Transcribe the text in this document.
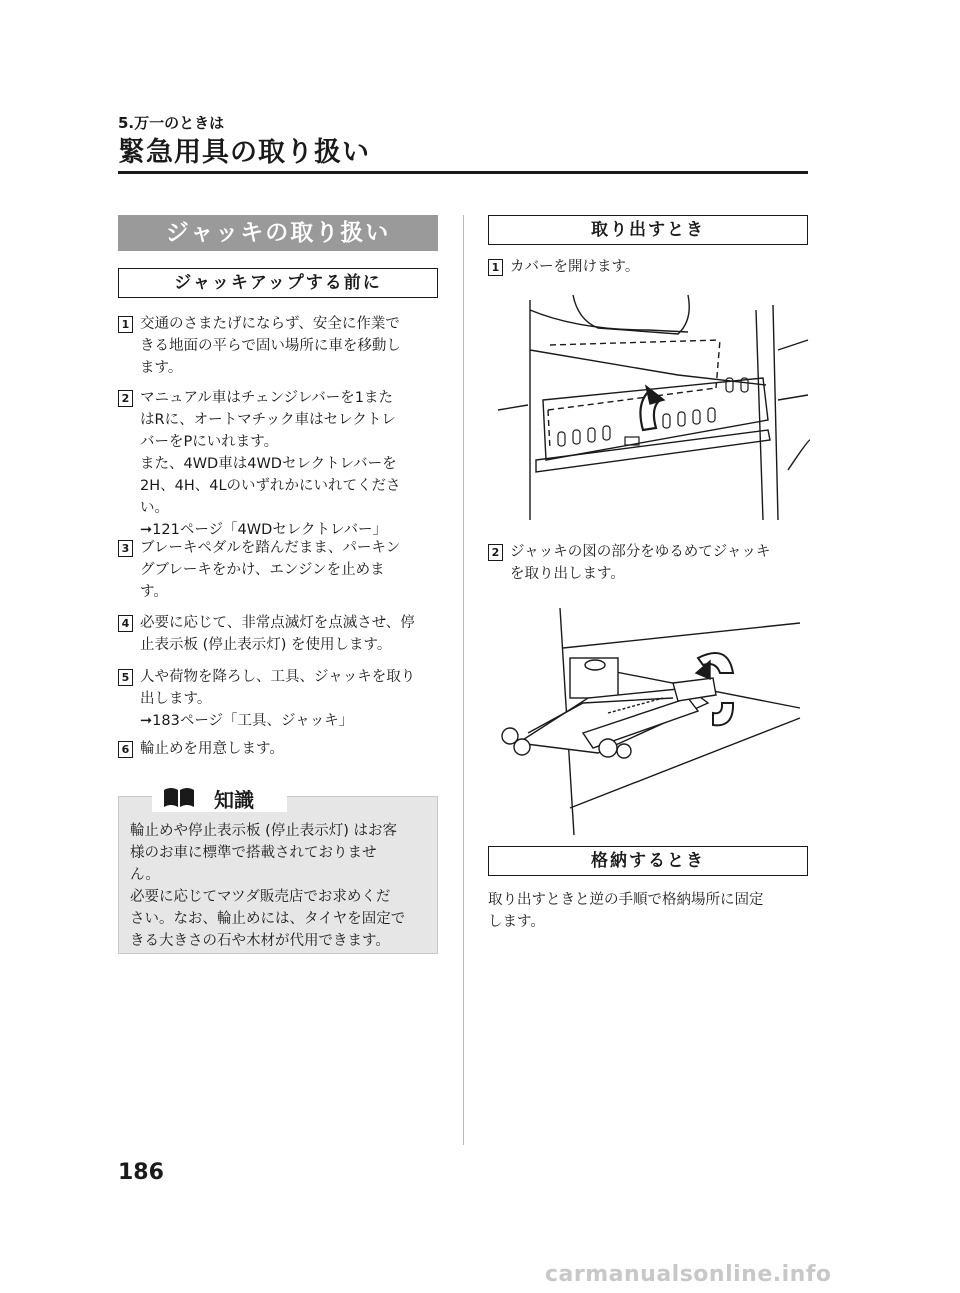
5.万一のときは
緊急用具の取り扱い
ジャッキの取り扱い
ジャッキアップする前に
1 交通のさまたげにならず、安全に作業で
きる地面の平らで固い場所に車を移動し
ます。
2 マニュアル車はチェンジレバーを1また
はRに、オートマチック車はセレクトレ
バーをPにいれます。
また、4WD車は4WDセレクトレバーを
2H、4H、4Lのいずれかにいれてくださ
い。
➞121ページ「4WDセレクトレバー」
3 ブレーキペダルを踏んだまま、パーキン
グブレーキをかけ、エンジンを止めま
す。
4 必要に応じて、非常点滅灯を点滅させ、停
止表示板 (停止表示灯) を使用します。
5 人や荷物を降ろし、工具、ジャッキを取り
出します。
➞183ページ「工具、ジャッキ」
6 輪止めを用意します。
知識
輪止めや停止表示板 (停止表示灯) はお客
様のお車に標準で搭載されておりませ
ん。
必要に応じてマツダ販売店でお求めくだ
さい。なお、輪止めには、タイヤを固定で
きる大きさの石や木材が代用できます。
取り出すとき
1 カバーを開けます。
2 ジャッキの図の部分をゆるめてジャッキ
を取り出します。
格納するとき
取り出すときと逆の手順で格納場所に固定
します。
186
carmanualsonline.info
